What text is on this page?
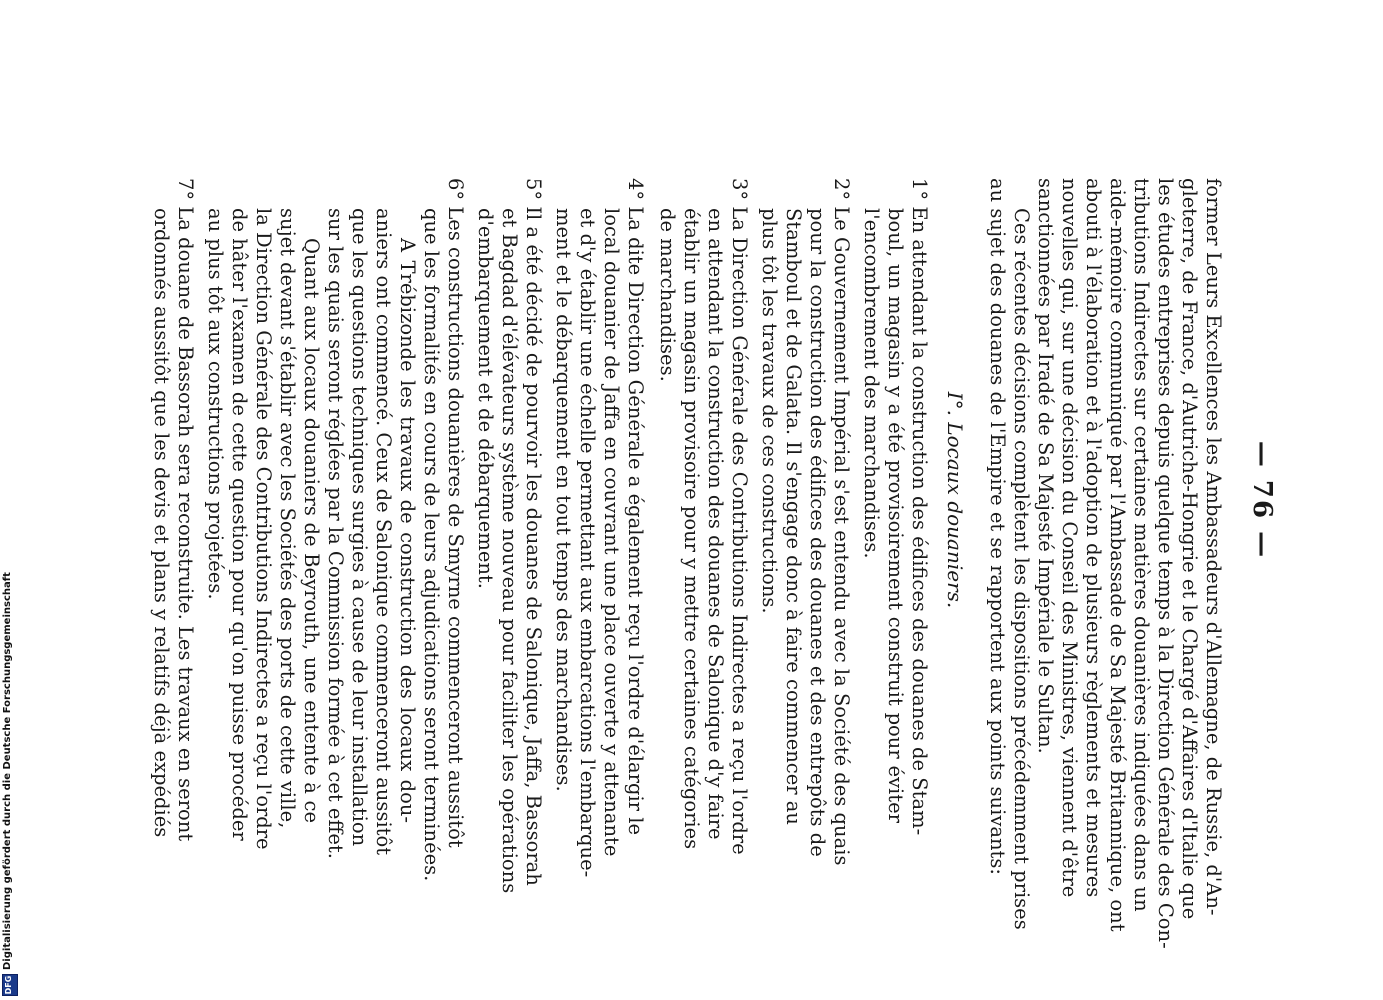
— 76 —
former Leurs Excellences les Ambassadeurs d'Allemagne, de Russie, d'An-
gleterre, de France, d'Autriche-Hongrie et le Chargé d'Affaires d'Italie que
les études entreprises depuis quelque temps à la Direction Générale des Con-
tributions Indirectes sur certaines matières douanières indiquées dans un
aide-mémoire communiqué par l'Ambassade de Sa Majesté Britannique, ont
abouti à l'élaboration et à l'adoption de plusieurs règlements et mesures
nouvelles qui, sur une décision du Conseil des Ministres, viennent d'être
sanctionnées par Iradé de Sa Majesté Impériale le Sultan.
Ces récentes décisions complètent les dispositions précédemment prises
au sujet des douanes de l'Empire et se rapportent aux points suivants:
I°. Locaux douaniers.
1° En attendant la construction des édifices des douanes de Stam-
boul, un magasin y a été provisoirement construit pour éviter
l'encombrement des marchandises.
2° Le Gouvernement Impérial s'est entendu avec la Société des quais
pour la construction des édifices des douanes et des entrepôts de
Stamboul et de Galata. Il s'engage donc à faire commencer au
plus tôt les travaux de ces constructions.
3° La Direction Générale des Contributions Indirectes a reçu l'ordre
en attendant la construction des douanes de Salonique d'y faire
établir un magasin provisoire pour y mettre certaines catégories
de marchandises.
4° La dite Direction Générale a également reçu l'ordre d'élargir le
local douanier de Jaffa en couvrant une place ouverte y attenante
et d'y établir une échelle permettant aux embarcations l'embarque-
ment et le débarquement en tout temps des marchandises.
5° Il a été décidé de pourvoir les douanes de Salonique, Jaffa, Bassorah
et Bagdad d'élévateurs système nouveau pour faciliter les opérations
d'embarquement et de débarquement.
6° Les constructions douanières de Smyrne commenceront aussitôt
que les formalités en cours de leurs adjudications seront terminées.
A Trébizonde les travaux de construction des locaux dou-
aniers ont commencé. Ceux de Salonique commenceront aussitôt
que les questions techniques surgies à cause de leur installation
sur les quais seront réglées par la Commission formée à cet effet.
Quant aux locaux douaniers de Beyrouth, une entente à ce
sujet devant s'établir avec les Sociétés des ports de cette ville,
la Direction Générale des Contributions Indirectes a reçu l'ordre
de hâter l'examen de cette question pour qu'on puisse procéder
au plus tôt aux constructions projetées.
7° La douane de Bassorah sera reconstruite. Les travaux en seront
ordonnés aussitôt que les devis et plans y relatifs déjà expédiés
DFG
Digitalisierung gefördert durch die Deutsche Forschungsgemeinschaft
